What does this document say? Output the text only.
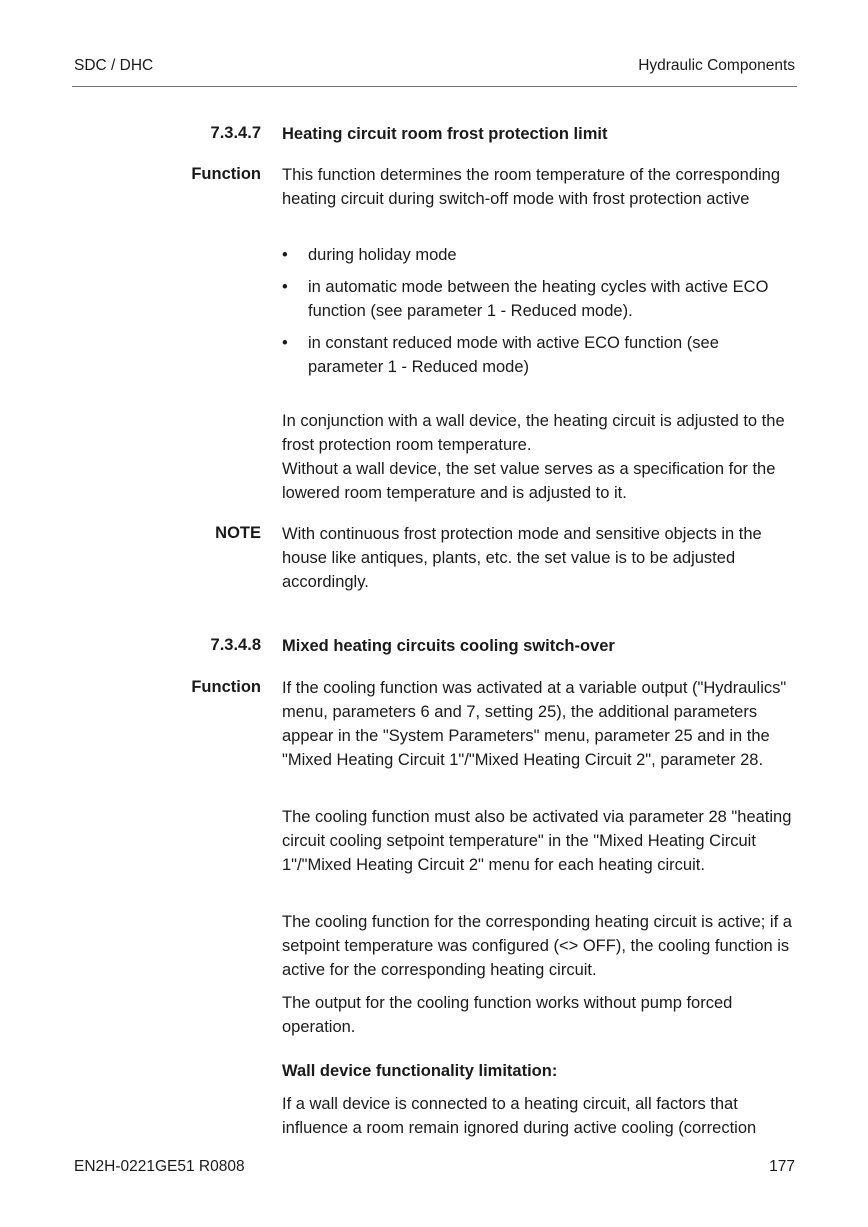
SDC / DHC	Hydraulic Components
7.3.4.7 Heating circuit room frost protection limit
Function This function determines the room temperature of the corresponding heating circuit during switch-off mode with frost protection active

• during holiday mode
• in automatic mode between the heating cycles with active ECO function (see parameter 1 - Reduced mode).
• in constant reduced mode with active ECO function (see parameter 1 - Reduced mode)

In conjunction with a wall device, the heating circuit is adjusted to the frost protection room temperature.

Without a wall device, the set value serves as a specification for the lowered room temperature and is adjusted to it.

NOTE With continuous frost protection mode and sensitive objects in the house like antiques, plants, etc. the set value is to be adjusted accordingly.

7.3.4.8 Mixed heating circuits cooling switch-over
Function If the cooling function was activated at a variable output ("Hydraulics" menu, parameters 6 and 7, setting 25), the additional parameters appear in the "System Parameters" menu, parameter 25 and in the "Mixed Heating Circuit 1"/"Mixed Heating Circuit 2", parameter 28.

The cooling function must also be activated via parameter 28 "heating circuit cooling setpoint temperature" in the "Mixed Heating Circuit 1"/"Mixed Heating Circuit 2" menu for each heating circuit.

The cooling function for the corresponding heating circuit is active; if a setpoint temperature was configured (<> OFF), the cooling function is active for the corresponding heating circuit.

The output for the cooling function works without pump forced operation.

Wall device functionality limitation:

If a wall device is connected to a heating circuit, all factors that influence a room remain ignored during active cooling (correction

EN2H-0221GE51 R0808	177
